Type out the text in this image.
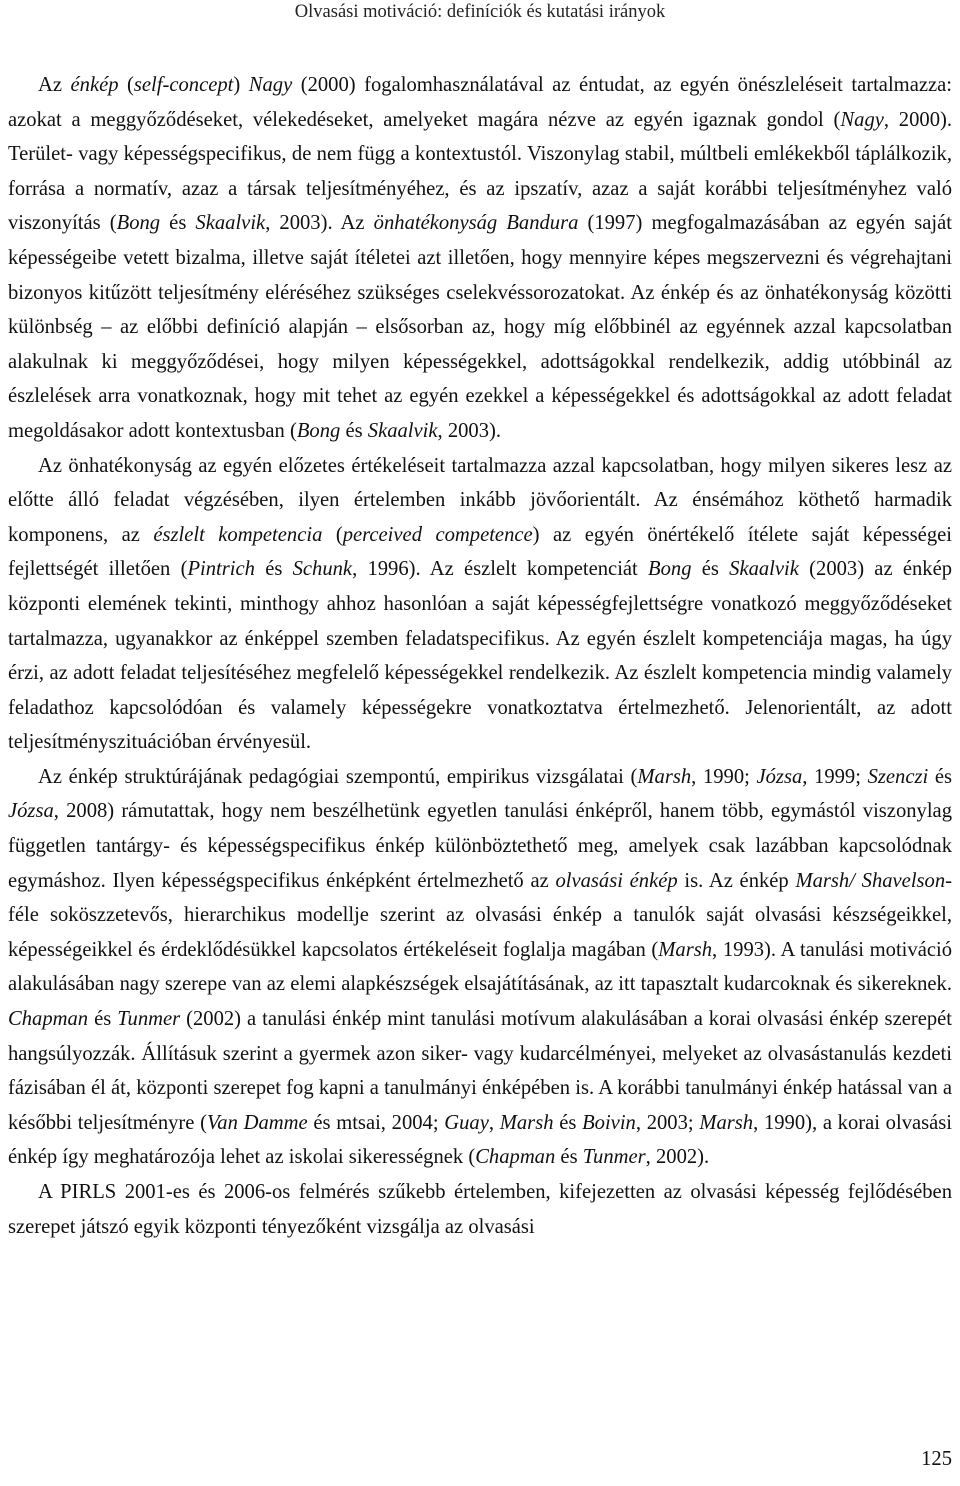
Olvasási motiváció: definíciók és kutatási irányok

Az énkép (self-concept) Nagy (2000) fogalomhasználatával az éntudat, az egyén önészleléseit tartalmazza: azokat a meggyőződéseket, vélekedéseket, amelyeket magára nézve az egyén igaznak gondol (Nagy, 2000). Terület- vagy képességspecifikus, de nem függ a kontextustól. Viszonylag stabil, múltbeli emlékekből táplálkozik, forrása a normatív, azaz a társak teljesítményéhez, és az ipszatív, azaz a saját korábbi teljesítményhez való viszonyítás (Bong és Skaalvik, 2003). Az önhatékonyság Bandura (1997) megfogalmazásában az egyén saját képességeibe vetett bizalma, illetve saját ítéletei azt illetően, hogy mennyire képes megszervezni és végrehajtani bizonyos kitűzött teljesítmény eléréséhez szükséges cselekvéssorozatokat. Az énkép és az önhatékonyság közötti különbség – az előbbi definíció alapján – elsősorban az, hogy míg előbbinél az egyénnek azzal kapcsolatban alakulnak ki meggyőződései, hogy milyen képességekkel, adottságokkal rendelkezik, addig utóbbinál az észlelések arra vonatkoznak, hogy mit tehet az egyén ezekkel a képességekkel és adottságokkal az adott feladat megoldásakor adott kontextusban (Bong és Skaalvik, 2003).

Az önhatékonyság az egyén előzetes értékeléseit tartalmazza azzal kapcsolatban, hogy milyen sikeres lesz az előtte álló feladat végzésében, ilyen értelemben inkább jövőorientált. Az énsémához köthető harmadik komponens, az észlelt kompetencia (perceived competence) az egyén önértékelő ítélete saját képességei fejlettségét illetően (Pintrich és Schunk, 1996). Az észlelt kompetenciát Bong és Skaalvik (2003) az énkép központi elemének tekinti, minthogy ahhoz hasonlóan a saját képességfejlettségre vonatkozó meggyőződéseket tartalmazza, ugyanakkor az énképpel szemben feladatspecifikus. Az egyén észlelt kompetenciája magas, ha úgy érzi, az adott feladat teljesítéséhez megfelelő képességekkel rendelkezik. Az észlelt kompetencia mindig valamely feladathoz kapcsolódóan és valamely képességekre vonatkoztatva értelmezhető. Jelenorientált, az adott teljesítményszituációban érvényesül.

Az énkép struktúrájának pedagógiai szempontú, empirikus vizsgálatai (Marsh, 1990; Józsa, 1999; Szenczi és Józsa, 2008) rámutattak, hogy nem beszélhetünk egyetlen tanulási énképről, hanem több, egymástól viszonylag független tantárgy- és képességspecifikus énkép különböztethető meg, amelyek csak lazábban kapcsolódnak egymáshoz. Ilyen képességspecifikus énképként értelmezhető az olvasási énkép is. Az énkép Marsh/ Shavelson-féle soköszzetevős, hierarchikus modellje szerint az olvasási énkép a tanulók saját olvasási készségeikkel, képességeikkel és érdeklődésükkel kapcsolatos értékeléseit foglalja magában (Marsh, 1993). A tanulási motiváció alakulásában nagy szerepe van az elemi alapkészségek elsajátításának, az itt tapasztalt kudarcoknak és sikereknek. Chapman és Tunmer (2002) a tanulási énkép mint tanulási motívum alakulásában a korai olvasási énkép szerepét hangsúlyozzák. Állításuk szerint a gyermek azon siker- vagy kudarcélményei, melyeket az olvasástanulás kezdeti fázisában él át, központi szerepet fog kapni a tanulmányi énképében is. A korábbi tanulmányi énkép hatással van a későbbi teljesítményre (Van Damme és mtsai, 2004; Guay, Marsh és Boivin, 2003; Marsh, 1990), a korai olvasási énkép így meghatározója lehet az iskolai sikerességnek (Chapman és Tunmer, 2002).

A PIRLS 2001-es és 2006-os felmérés szűkebb értelemben, kifejezetten az olvasási képesség fejlődésében szerepet játszó egyik központi tényezőként vizsgálja az olvasási

125
